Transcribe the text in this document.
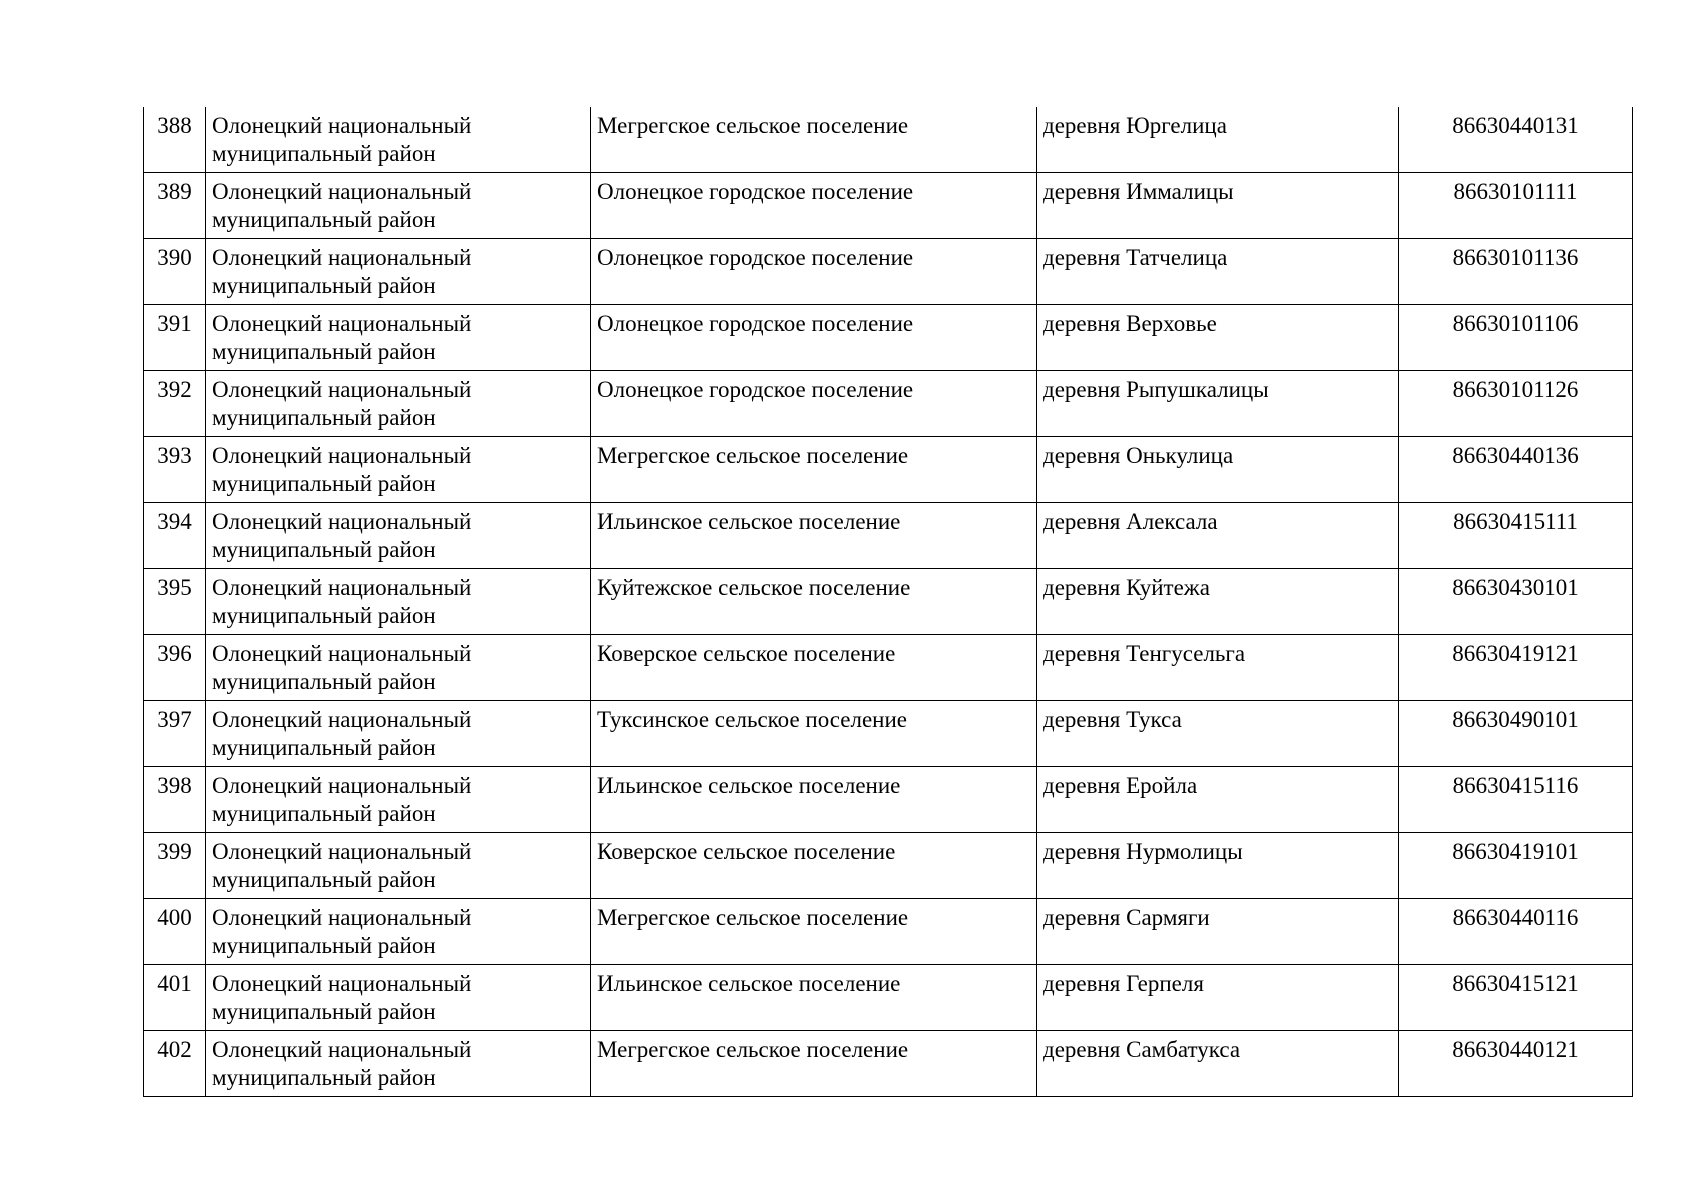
388	Олонецкий национальный муниципальный район	Мегрегское сельское поселение	деревня Юргелица	86630440131
389	Олонецкий национальный муниципальный район	Олонецкое городское поселение	деревня Иммалицы	86630101111
390	Олонецкий национальный муниципальный район	Олонецкое городское поселение	деревня Татчелица	86630101136
391	Олонецкий национальный муниципальный район	Олонецкое городское поселение	деревня Верховье	86630101106
392	Олонецкий национальный муниципальный район	Олонецкое городское поселение	деревня Рыпушкалицы	86630101126
393	Олонецкий национальный муниципальный район	Мегрегское сельское поселение	деревня Онькулица	86630440136
394	Олонецкий национальный муниципальный район	Ильинское сельское поселение	деревня Алексала	86630415111
395	Олонецкий национальный муниципальный район	Куйтежское сельское поселение	деревня Куйтежа	86630430101
396	Олонецкий национальный муниципальный район	Коверское сельское поселение	деревня Тенгусельга	86630419121
397	Олонецкий национальный муниципальный район	Туксинское сельское поселение	деревня Тукса	86630490101
398	Олонецкий национальный муниципальный район	Ильинское сельское поселение	деревня Еройла	86630415116
399	Олонецкий национальный муниципальный район	Коверское сельское поселение	деревня Нурмолицы	86630419101
400	Олонецкий национальный муниципальный район	Мегрегское сельское поселение	деревня Сармяги	86630440116
401	Олонецкий национальный муниципальный район	Ильинское сельское поселение	деревня Герпеля	86630415121
402	Олонецкий национальный муниципальный район	Мегрегское сельское поселение	деревня Самбатукса	86630440121
